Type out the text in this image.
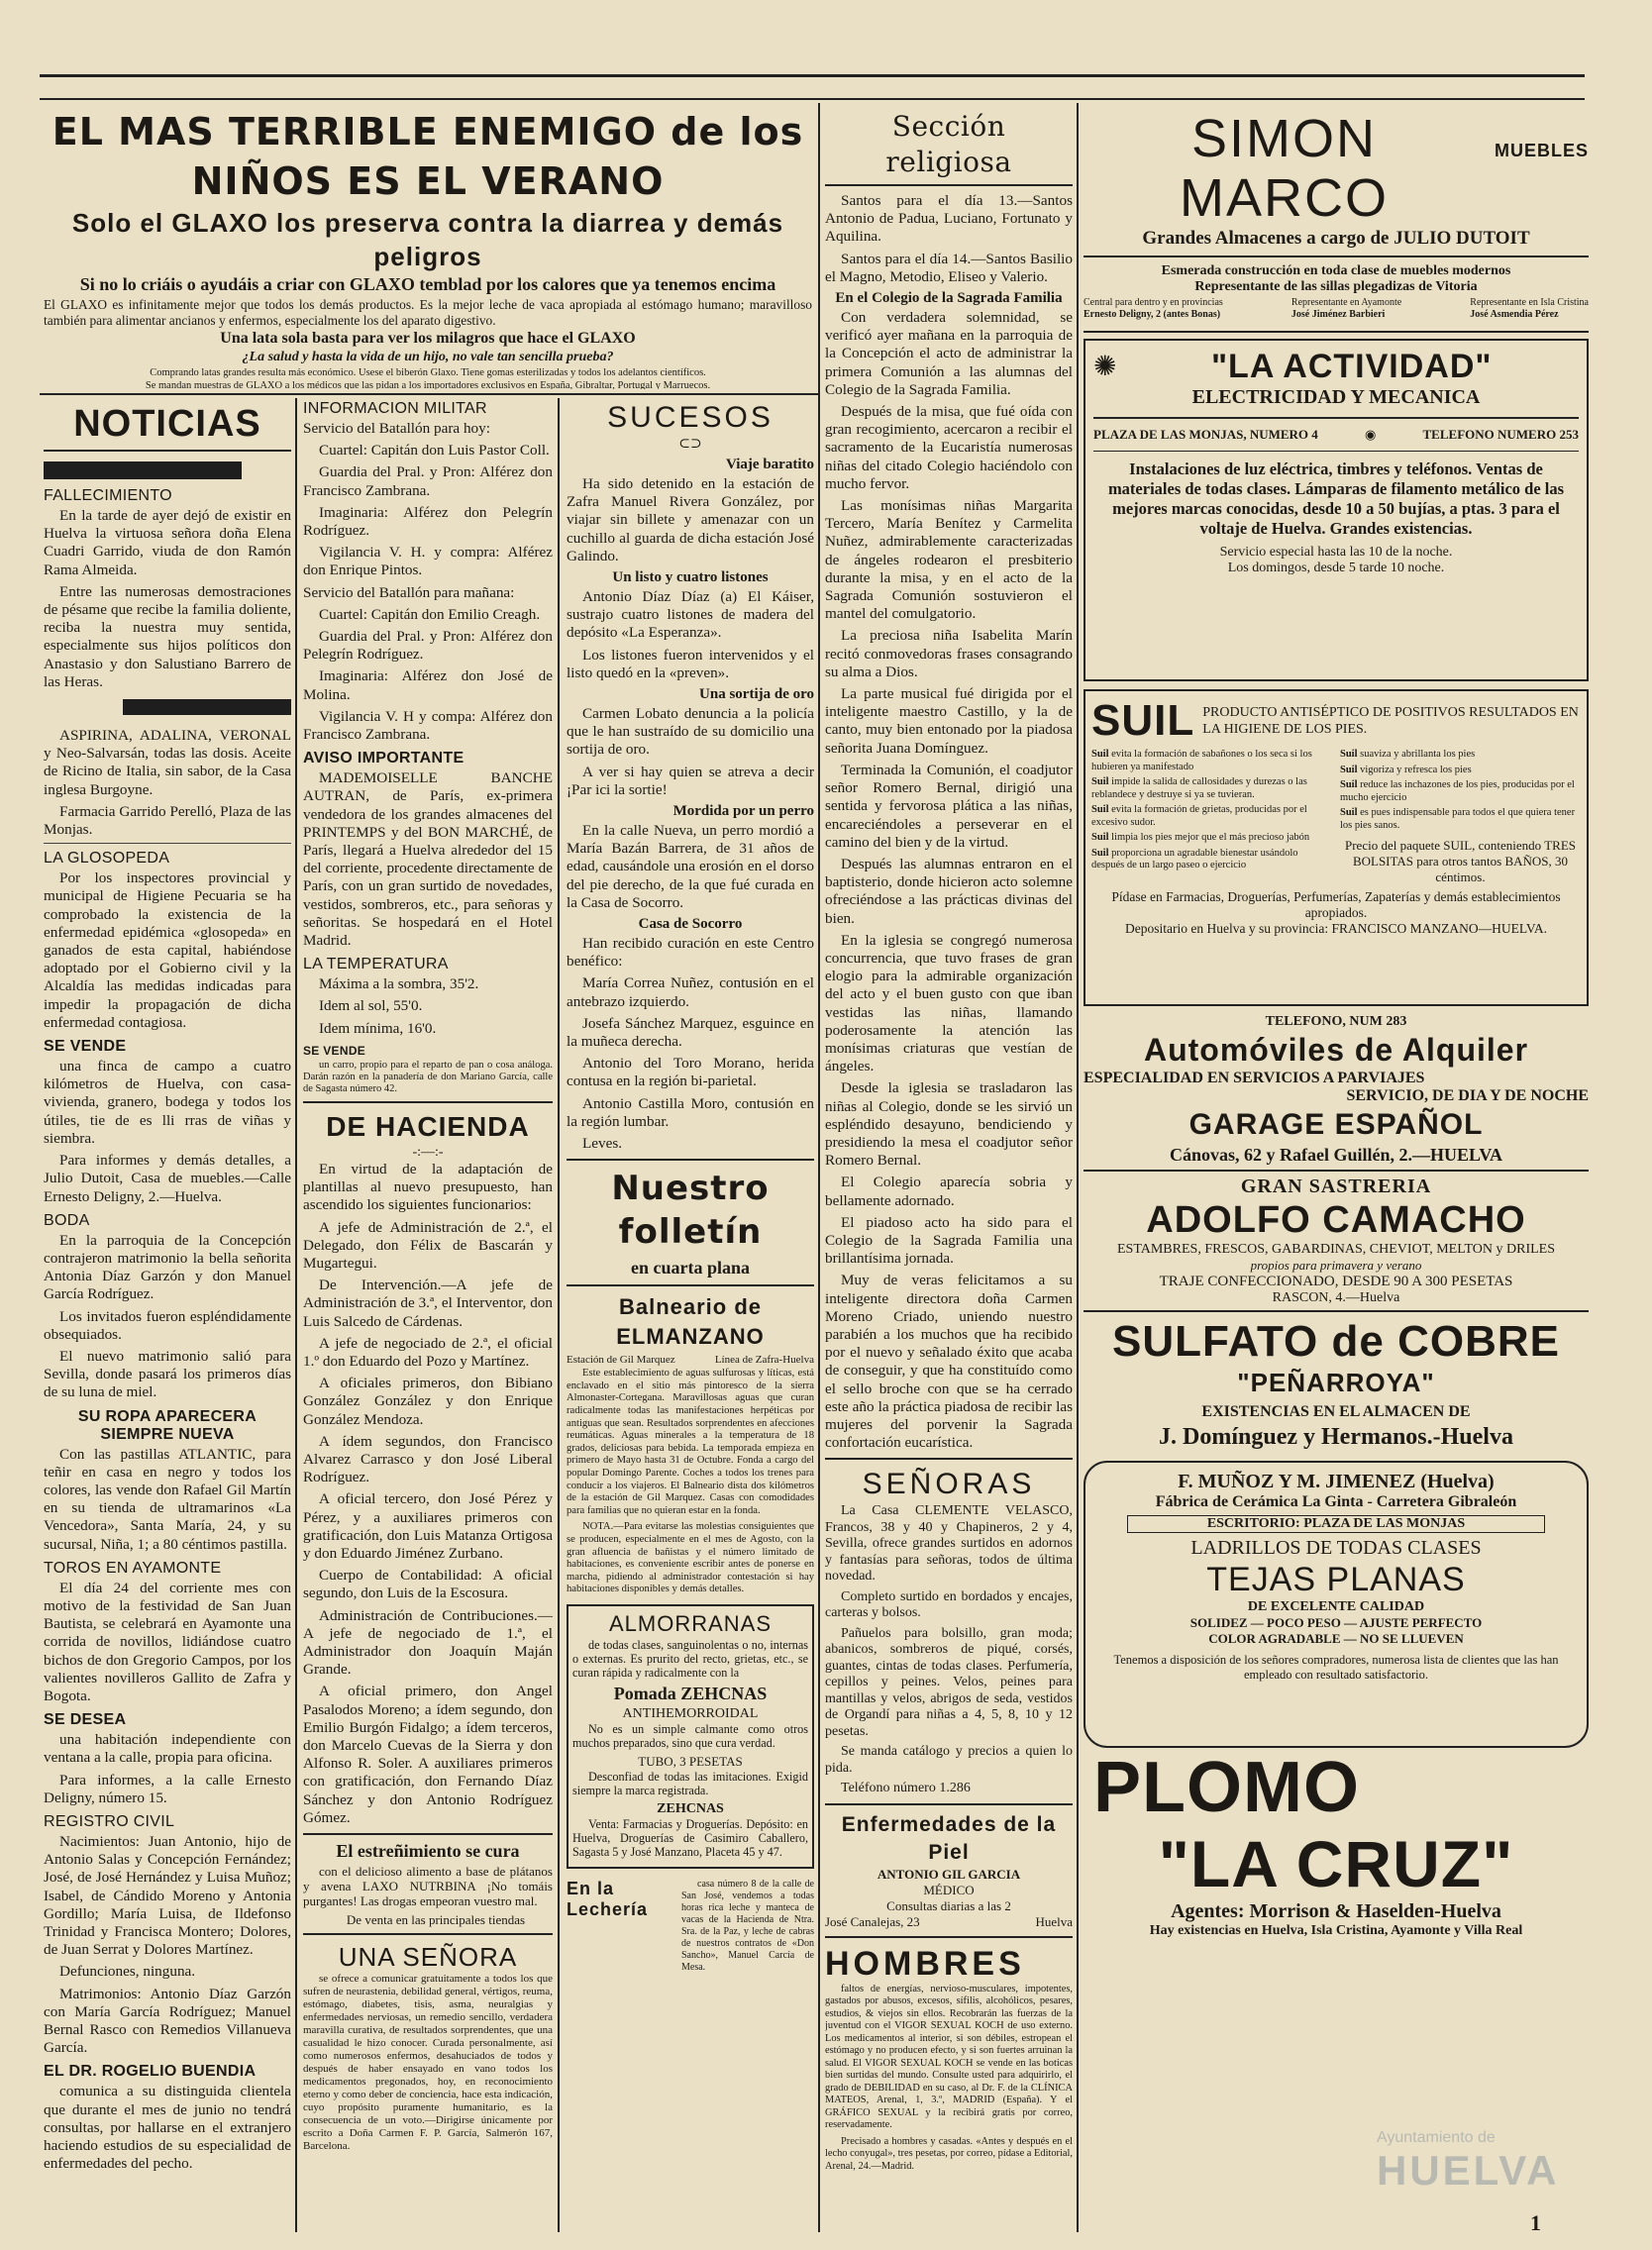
EL MAS TERRIBLE ENEMIGO de los NIÑOS ES EL VERANO
Solo el GLAXO los preserva contra la diarrea y demás peligros
Si no lo criáis o ayudáis a criar con GLAXO temblad por los calores que ya tenemos encima
El GLAXO es infinitamente mejor que todos los demás productos. Es la mejor leche de vaca apropiada al estómago humano; maravilloso también para alimentar ancianos y enfermos, especialmente los del aparato digestivo.
Una lata sola basta para ver los milagros que hace el GLAXO
¿La salud y hasta la vida de un hijo, no vale tan sencilla prueba?
Comprando latas grandes resulta más económico. Usese el biberón Glaxo. Tiene gomas esterilizadas y todos los adelantos científicos.
Se mandan muestras de GLAXO a los médicos que las pidan a los importadores exclusivos en España, Gibraltar, Portugal y Marruecos.
NOTICIAS
FALLECIMIENTO

En la tarde de ayer dejó de existir en Huelva la virtuosa señora doña Elena Cuadri Garrido, viuda de don Ramón Rama Almeida.

Entre las numerosas demostraciones de pésame que recibe la familia doliente, reciba la nuestra muy sentida, especialmente sus hijos políticos don Anastasio y don Salustiano Barrero de las Heras.

ASPIRINA, ADALINA, VERONAL y Neo-Salvarsán, todas las dosis. Aceite de Ricino de Italia, sin sabor, de la Casa inglesa Burgoyne.

Farmacia Garrido Perelló, Plaza de las Monjas.

LA GLOSOPEDA

Por los inspectores provincial y municipal de Higiene Pecuaria se ha comprobado la existencia de la enfermedad epidémica «glosopeda» en ganados de esta capital, habiéndose adoptado por el Gobierno civil y la Alcaldía las medidas indicadas para impedir la propagación de dicha enfermedad contagiosa.

SE VENDE

una finca de campo a cuatro kilómetros de Huelva, con casa-vivienda, granero, bodega y todos los útiles, tie de es lli rras de viñas y siembra.

Para informes y demás detalles, a Julio Dutoit, Casa de muebles.—Calle Ernesto Deligny, 2.—Huelva.

BODA

En la parroquia de la Concepción contrajeron matrimonio la bella señorita Antonia Díaz Garzón y don Manuel García Rodríguez.

Los invitados fueron espléndidamente obsequiados.

El nuevo matrimonio salió para Sevilla, donde pasará los primeros días de su luna de miel.

SU ROPA APARECERA SIEMPRE NUEVA

Con las pastillas ATLANTIC, para teñir en casa en negro y todos los colores, las vende don Rafael Gil Martín en su tienda de ultramarinos «La Vencedora», Santa María, 24, y su sucursal, Niña, 1; a 80 céntimos pastilla.

TOROS EN AYAMONTE

El día 24 del corriente mes con motivo de la festividad de San Juan Bautista, se celebrará en Ayamonte una corrida de novillos, lidiándose cuatro bichos de don Gregorio Campos, por los valientes novilleros Gallito de Zafra y Bogota.

SE DESEA

una habitación independiente con ventana a la calle, propia para oficina.

Para informes, a la calle Ernesto Deligny, número 15.

REGISTRO CIVIL

Nacimientos: Juan Antonio, hijo de Antonio Salas y Concepción Fernández; José, de José Hernández y Luisa Muñoz; Isabel, de Cándido Moreno y Antonia Gordillo; María Luisa, de Ildefonso Trinidad y Francisca Montero; Dolores, de Juan Serrat y Dolores Martínez.

Defunciones, ninguna.

Matrimonios: Antonio Díaz Garzón con María García Rodríguez; Manuel Bernal Rasco con Remedios Villanueva García.

EL DR. ROGELIO BUENDIA

comunica a su distinguida clientela que durante el mes de junio no tendrá consultas, por hallarse en el extranjero haciendo estudios de su especialidad de enfermedades del pecho.

INFORMACION MILITAR

Servicio del Batallón para hoy:

Cuartel: Capitán don Luis Pastor Coll.

Guardia del Pral. y Pron: Alférez don Francisco Zambrana.

Imaginaria: Alférez don Pelegrín Rodríguez.

Vigilancia V. H. y compra: Alférez don Enrique Pintos.

Servicio del Batallón para mañana:

Cuartel: Capitán don Emilio Creagh.

Guardia del Pral. y Pron: Alférez don Pelegrín Rodríguez.

Imaginaria: Alférez don José de Molina.

Vigilancia V. H y compa: Alférez don Francisco Zambrana.

AVISO IMPORTANTE

MADEMOISELLE BANCHE AUTRAN, de París, ex-primera vendedora de los grandes almacenes del PRINTEMPS y del BON MARCHÉ, de París, llegará a Huelva alrededor del 15 del corriente, procedente directamente de París, con un gran surtido de novedades, vestidos, sombreros, etc., para señoras y señoritas. Se hospedará en el Hotel Madrid.

LA TEMPERATURA

Máxima a la sombra, 35'2.

Idem al sol, 55'0.

Idem mínima, 16'0.

SE VENDE

un carro, propio para el reparto de pan o cosa análoga. Darán razón en la panadería de don Mariano García, calle de Sagasta número 42.

DE HACIENDA
-:—:-

En virtud de la adaptación de plantillas al nuevo presupuesto, han ascendido los siguientes funcionarios:

A jefe de Administración de 2.ª, el Delegado, don Félix de Bascarán y Mugartegui.

De Intervención.—A jefe de Administración de 3.ª, el Interventor, don Luis Salcedo de Cárdenas.

A jefe de negociado de 2.ª, el oficial 1.º don Eduardo del Pozo y Martínez.

A oficiales primeros, don Bibiano González González y don Enrique González Mendoza.

A ídem segundos, don Francisco Alvarez Carrasco y don José Liberal Rodríguez.

A oficial tercero, don José Pérez y Pérez, y a auxiliares primeros con gratificación, don Luis Matanza Ortigosa y don Eduardo Jiménez Zurbano.

Cuerpo de Contabilidad: A oficial segundo, don Luis de la Escosura.

Administración de Contribuciones.—A jefe de negociado de 1.ª, el Administrador don Joaquín Maján Grande.

A oficial primero, don Angel Pasalodos Moreno; a ídem segundo, don Emilio Burgón Fidalgo; a ídem terceros, don Marcelo Cuevas de la Sierra y don Alfonso R. Soler. A auxiliares primeros con gratificación, don Fernando Díaz Sánchez y don Antonio Rodríguez Gómez.

El estreñimiento se cura

con el delicioso alimento a base de plátanos y avena LAXO NUTRBINA ¡No tomáis purgantes! Las drogas empeoran vuestro mal.

De venta en las principales tiendas

UNA SEÑORA

se ofrece a comunicar gratuitamente a todos los que sufren de neurastenia, debilidad general, vértigos, reuma, estómago, diabetes, tisis, asma, neuralgias y enfermedades nerviosas, un remedio sencillo, verdadera maravilla curativa, de resultados sorprendentes, que una casualidad le hizo conocer. Curada personalmente, así como numerosos enfermos, desahuciados de todos y después de haber ensayado en vano todos los medicamentos pregonados, hoy, en reconocimiento eterno y como deber de conciencia, hace esta indicación, cuyo propósito puramente humanitario, es la consecuencia de un voto.—Dirigirse únicamente por escrito a Doña Carmen F. P. García, Salmerón 167, Barcelona.

SUCESOS
⊂⊃
Viaje baratito

Ha sido detenido en la estación de Zafra Manuel Rivera González, por viajar sin billete y amenazar con un cuchillo al guarda de dicha estación José Galindo.

Un listo y cuatro listones

Antonio Díaz Díaz (a) El Káiser, sustrajo cuatro listones de madera del depósito «La Esperanza».

Los listones fueron intervenidos y el listo quedó en la «preven».

Una sortija de oro

Carmen Lobato denuncia a la policía que le han sustraído de su domicilio una sortija de oro.

A ver si hay quien se atreva a decir ¡Par ici la sortie!

Mordida por un perro

En la calle Nueva, un perro mordió a María Bazán Barrera, de 31 años de edad, causándole una erosión en el dorso del pie derecho, de la que fué curada en la Casa de Socorro.

Casa de Socorro

Han recibido curación en este Centro benéfico:

María Correa Nuñez, contusión en el antebrazo izquierdo.

Josefa Sánchez Marquez, esguince en la muñeca derecha.

Antonio del Toro Morano, herida contusa en la región bi-parietal.

Antonio Castilla Moro, contusión en la región lumbar.

Leves.

Nuestro folletín
en cuarta plana
Balneario de ELMANZANO
Estación de Gil Marquez	Línea de Zafra-Huelva

Este establecimiento de aguas sulfurosas y líticas, está enclavado en el sitio más pintoresco de la sierra Almonaster-Cortegana. Maravillosas aguas que curan radicalmente todas las manifestaciones herpéticas por antiguas que sean. Resultados sorprendentes en afecciones reumáticas. Aguas minerales a la temperatura de 18 grados, deliciosas para bebida. La temporada empieza en primero de Mayo hasta 31 de Octubre. Fonda a cargo del popular Domingo Parente. Coches a todos los trenes para conducir a los viajeros. El Balneario dista dos kilómetros de la estación de Gil Marquez. Casas con comodidades para familias que no quieran estar en la fonda.

NOTA.—Para evitarse las molestias consiguientes que se producen, especialmente en el mes de Agosto, con la gran afluencia de bañistas y el número limitado de habitaciones, es conveniente escribir antes de ponerse en marcha, pidiendo al administrador contestación si hay habitaciones disponibles y demás detalles.

ALMORRANAS

de todas clases, sanguinolentas o no, internas o externas. Es prurito del recto, grietas, etc., se curan rápida y radicalmente con la

Pomada ZEHCNAS
ANTIHEMORROIDAL

No es un simple calmante como otros muchos preparados, sino que cura verdad.

TUBO, 3 PESETAS

Desconfiad de todas las imitaciones. Exigid siempre la marca registrada.

ZEHCNAS

Venta: Farmacias y Droguerías. Depósito: en Huelva, Droguerías de Casimiro Caballero, Sagasta 5 y José Manzano, Placeta 45 y 47.

En la Lechería

casa número 8 de la calle de San José, vendemos a todas horas rica leche y manteca de vacas de la Hacienda de Ntra. Sra. de la Paz, y leche de cabras de nuestros contratos de «Don Sancho», Manuel Carcía de Mesa.

Sección religiosa

Santos para el día 13.—Santos Antonio de Padua, Luciano, Fortunato y Aquilina.

Santos para el día 14.—Santos Basilio el Magno, Metodio, Eliseo y Valerio.

En el Colegio de la Sagrada Familia

Con verdadera solemnidad, se verificó ayer mañana en la parroquia de la Concepción el acto de administrar la primera Comunión a las alumnas del Colegio de la Sagrada Familia.

Después de la misa, que fué oída con gran recogimiento, acercaron a recibir el sacramento de la Eucaristía numerosas niñas del citado Colegio haciéndolo con mucho fervor.

Las monísimas niñas Margarita Tercero, María Benítez y Carmelita Nuñez, admirablemente caracterizadas de ángeles rodearon el presbiterio durante la misa, y en el acto de la Sagrada Comunión sostuvieron el mantel del comulgatorio.

La preciosa niña Isabelita Marín recitó conmovedoras frases consagrando su alma a Dios.

La parte musical fué dirigida por el inteligente maestro Castillo, y la de canto, muy bien entonado por la piadosa señorita Juana Domínguez.

Terminada la Comunión, el coadjutor señor Romero Bernal, dirigió una sentida y fervorosa plática a las niñas, encareciéndoles a perseverar en el camino del bien y de la virtud.

Después las alumnas entraron en el baptisterio, donde hicieron acto solemne ofreciéndose a las prácticas divinas del bien.

En la iglesia se congregó numerosa concurrencia, que tuvo frases de gran elogio para la admirable organización del acto y el buen gusto con que iban vestidas las niñas, llamando poderosamente la atención las monísimas criaturas que vestían de ángeles.

Desde la iglesia se trasladaron las niñas al Colegio, donde se les sirvió un espléndido desayuno, bendiciendo y presidiendo la mesa el coadjutor señor Romero Bernal.

El Colegio aparecía sobria y bellamente adornado.

El piadoso acto ha sido para el Colegio de la Sagrada Familia una brillantísima jornada.

Muy de veras felicitamos a su inteligente directora doña Carmen Moreno Criado, uniendo nuestro parabién a los muchos que ha recibido por el nuevo y señalado éxito que acaba de conseguir, y que ha constituído como el sello broche con que se ha cerrado este año la práctica piadosa de recibir las mujeres del porvenir la Sagrada confortación eucarística.

SEÑORAS

La Casa CLEMENTE VELASCO, Francos, 38 y 40 y Chapineros, 2 y 4, Sevilla, ofrece grandes surtidos en adornos y fantasías para señoras, todos de última novedad.

Completo surtido en bordados y encajes, carteras y bolsos.

Pañuelos para bolsillo, gran moda; abanicos, sombreros de piqué, corsés, guantes, cintas de todas clases. Perfumería, cepillos y peines. Velos, peines para mantillas y velos, abrigos de seda, vestidos de Organdí para niñas a 4, 5, 8, 10 y 12 pesetas.

Se manda catálogo y precios a quien lo pida.

Teléfono número 1.286

Enfermedades de la Piel
ANTONIO GIL GARCIA
MÉDICO
Consultas diarias a las 2
José Canalejas, 23	Huelva
HOMBRES

faltos de energías, nervioso-musculares, impotentes, gastados por abusos, excesos, sífilis, alcohólicos, pesares, estudios, & viejos sin ellos. Recobrarán las fuerzas de la juventud con el VIGOR SEXUAL KOCH de uso externo. Los medicamentos al interior, si son débiles, estropean el estómago y no producen efecto, y si son fuertes arruinan la salud. El VIGOR SEXUAL KOCH se vende en las boticas bien surtidas del mundo. Consulte usted para adquirirlo, el grado de DEBILIDAD en su caso, al Dr. F. de la CLÍNICA MATEOS, Arenal, 1, 3.º, MADRID (España). Y el GRÁFICO SEXUAL y la recibirá gratis por correo, reservadamente.

Precisado a hombres y casadas. «Antes y después en el lecho conyugal», tres pesetas, por correo, pídase a Editorial, Arenal, 24.—Madrid.

SIMON MARCO
MUEBLES
Grandes Almacenes a cargo de JULIO DUTOIT
Esmerada construcción en toda clase de muebles modernos
Representante de las sillas plegadizas de Vitoria
Central para dentro y en provincias
Ernesto Deligny, 2 (antes Bonas)
Representante en Ayamonte
José Jiménez Barbieri
Representante en Isla Cristina
José Asmendia Pérez
✺	"LA ACTIVIDAD"
ELECTRICIDAD Y MECANICA
PLAZA DE LAS MONJAS, NUMERO 4	◉	TELEFONO NUMERO 253

Instalaciones de luz eléctrica, timbres y teléfonos. Ventas de materiales de todas clases. Lámparas de filamento metálico de las mejores marcas conocidas, desde 10 a 50 bujías, a ptas. 3 para el voltaje de Huelva. Grandes existencias.

Servicio especial hasta las 10 de la noche.
Los domingos, desde 5 tarde 10 noche.
SUIL PRODUCTO ANTISÉPTICO DE POSITIVOS RESULTADOS EN LA HIGIENE DE LOS PIES.
Suil evita la formación de sabañones o los seca si los hubieren ya manifestado
Suil impide la salida de callosidades y durezas o las reblandece y destruye si ya se tuvieran.
Suil evita la formación de grietas, producidas por el excesivo sudor.
Suil limpia los pies mejor que el más precioso jabón
Suil proporciona un agradable bienestar usándolo después de un largo paseo o ejercicio
Suil suaviza y abrillanta los pies
Suil vigoriza y refresca los pies
Suil reduce las inchazones de los pies, producidas por el mucho ejercicio
Suil es pues indispensable para todos el que quiera tener los pies sanos.
Precio del paquete SUIL, conteniendo TRES BOLSITAS para otros tantos BAÑOS, 30 céntimos.
Pídase en Farmacias, Droguerías, Perfumerías, Zapaterías y demás establecimientos apropiados.
Depositario en Huelva y su provincia: FRANCISCO MANZANO—HUELVA.
TELEFONO, NUM 283
Automóviles de Alquiler
ESPECIALIDAD EN SERVICIOS A PARVIAJES
SERVICIO, DE DIA Y DE NOCHE
GARAGE ESPAÑOL
Cánovas, 62 y Rafael Guillén, 2.—HUELVA
GRAN SASTRERIA
ADOLFO CAMACHO
ESTAMBRES, FRESCOS, GABARDINAS, CHEVIOT, MELTON y DRILES
propios para primavera y verano
TRAJE CONFECCIONADO, DESDE 90 A 300 PESETAS
RASCON, 4.—Huelva
SULFATO de COBRE
"PEÑARROYA"
EXISTENCIAS EN EL ALMACEN DE
J. Domínguez y Hermanos.-Huelva
F. MUÑOZ Y M. JIMENEZ (Huelva)
Fábrica de Cerámica La Ginta - Carretera Gibraleón
ESCRITORIO: PLAZA DE LAS MONJAS
LADRILLOS DE TODAS CLASES
TEJAS PLANAS
DE EXCELENTE CALIDAD
SOLIDEZ — POCO PESO — AJUSTE PERFECTO
COLOR AGRADABLE — NO SE LLUEVEN
Tenemos a disposición de los señores compradores, numerosa lista de clientes que las han empleado con resultado satisfactorio.
PLOMO
"LA CRUZ"
Agentes: Morrison & Haselden-Huelva
Hay existencias en Huelva, Isla Cristina, Ayamonte y Villa Real
Ayuntamiento de
HUELVA
1
